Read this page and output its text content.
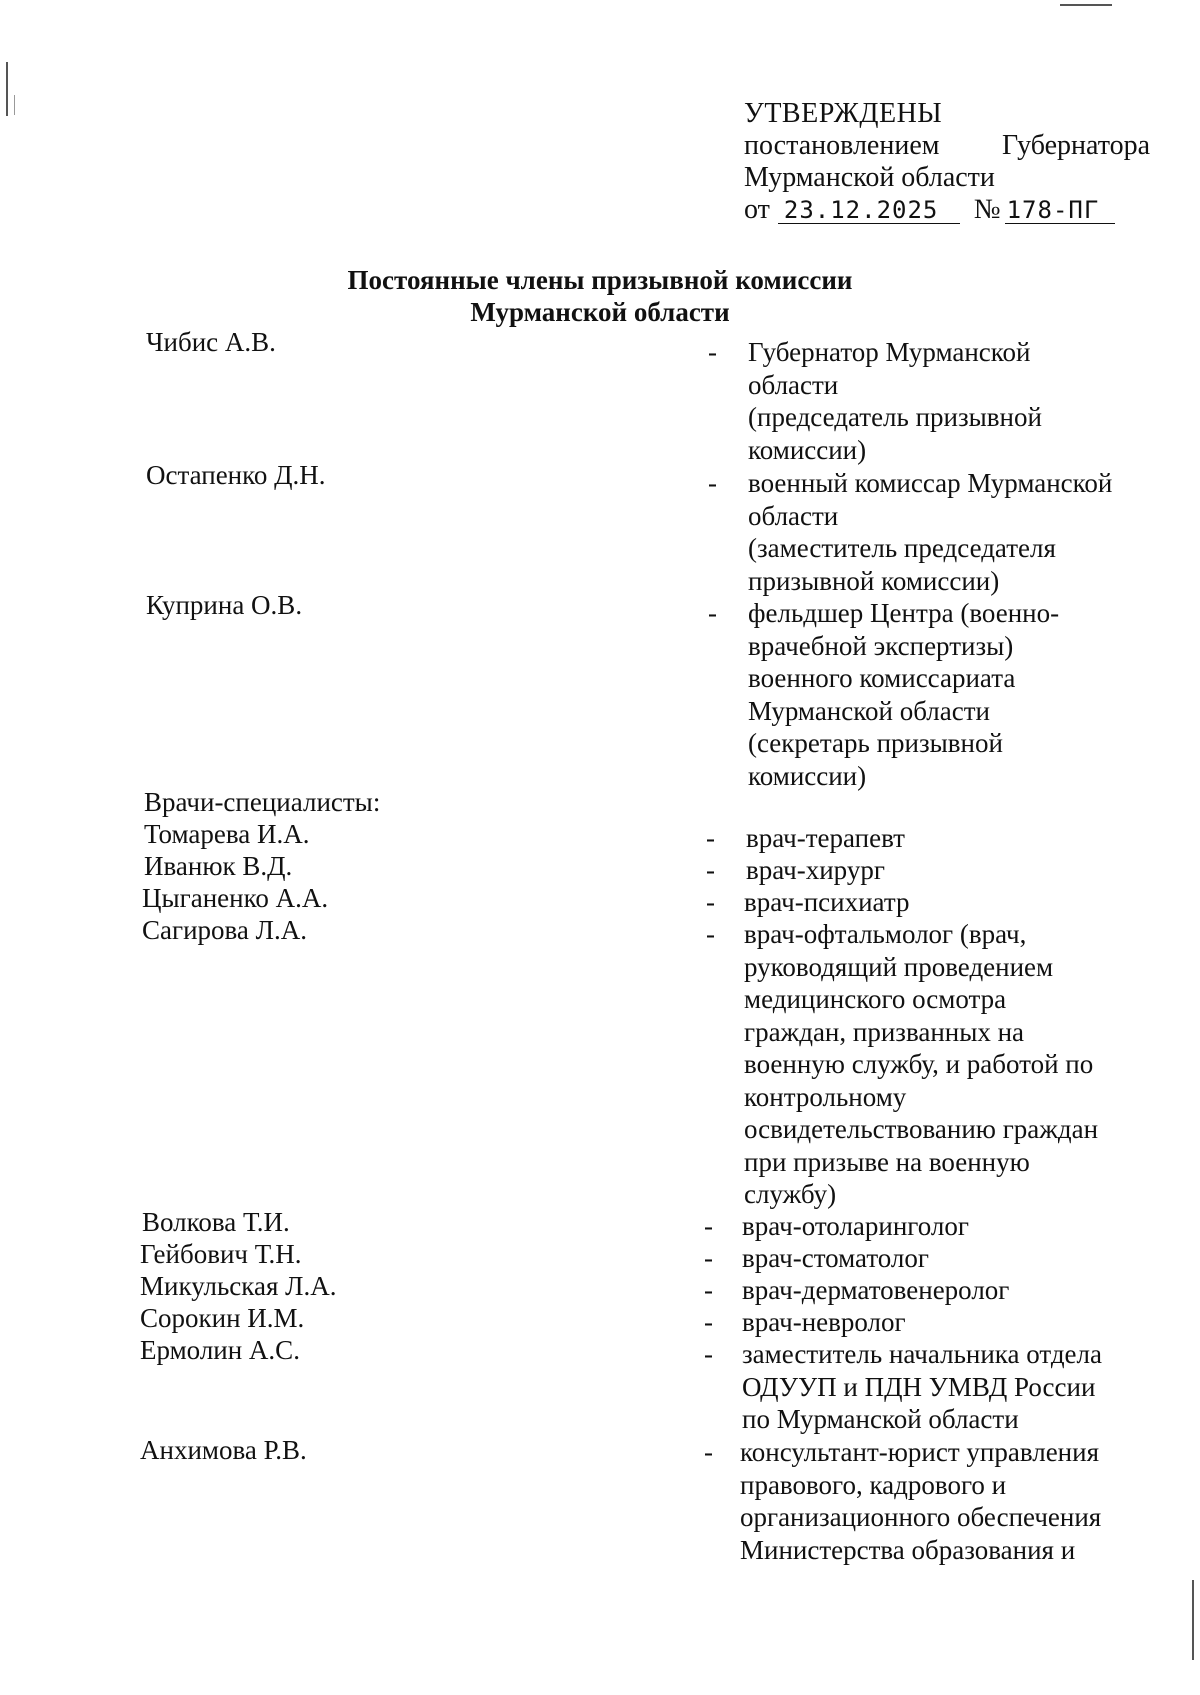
УТВЕРЖДЕНЫ
постановлением Губернатора
Мурманской области
от 23.12.2025	№ 178-ПГ
Постоянные члены призывной комиссии
Мурманской области
Чибис А.В.	- Губернатор Мурманской
области
(председатель призывной
комиссии)
Остапенко Д.Н.	- военный комиссар Мурманской
области
(заместитель председателя
призывной комиссии)
Куприна О.В.	- фельдшер Центра (военно-
врачебной экспертизы)
военного комиссариата
Мурманской области
(секретарь призывной
комиссии)
Врачи-специалисты:
Томарева И.А.	- врач-терапевт
Иванюк В.Д.	- врач-хирург
Цыганенко А.А.	- врач-психиатр
Сагирова Л.А.	- врач-офтальмолог (врач,
руководящий проведением
медицинского осмотра
граждан, призванных на
военную службу, и работой по
контрольному
освидетельствованию граждан
при призыве на военную
службу)
Волкова Т.И.	- врач-отоларинголог
Гейбович Т.Н.	- врач-стоматолог
Микульская Л.А.	- врач-дерматовенеролог
Сорокин И.М.	- врач-невролог
Ермолин А.С.	- заместитель начальника отдела
ОДУУП и ПДН УМВД России
по Мурманской области
Анхимова Р.В.	- консультант-юрист управления
правового, кадрового и
организационного обеспечения
Министерства образования и
